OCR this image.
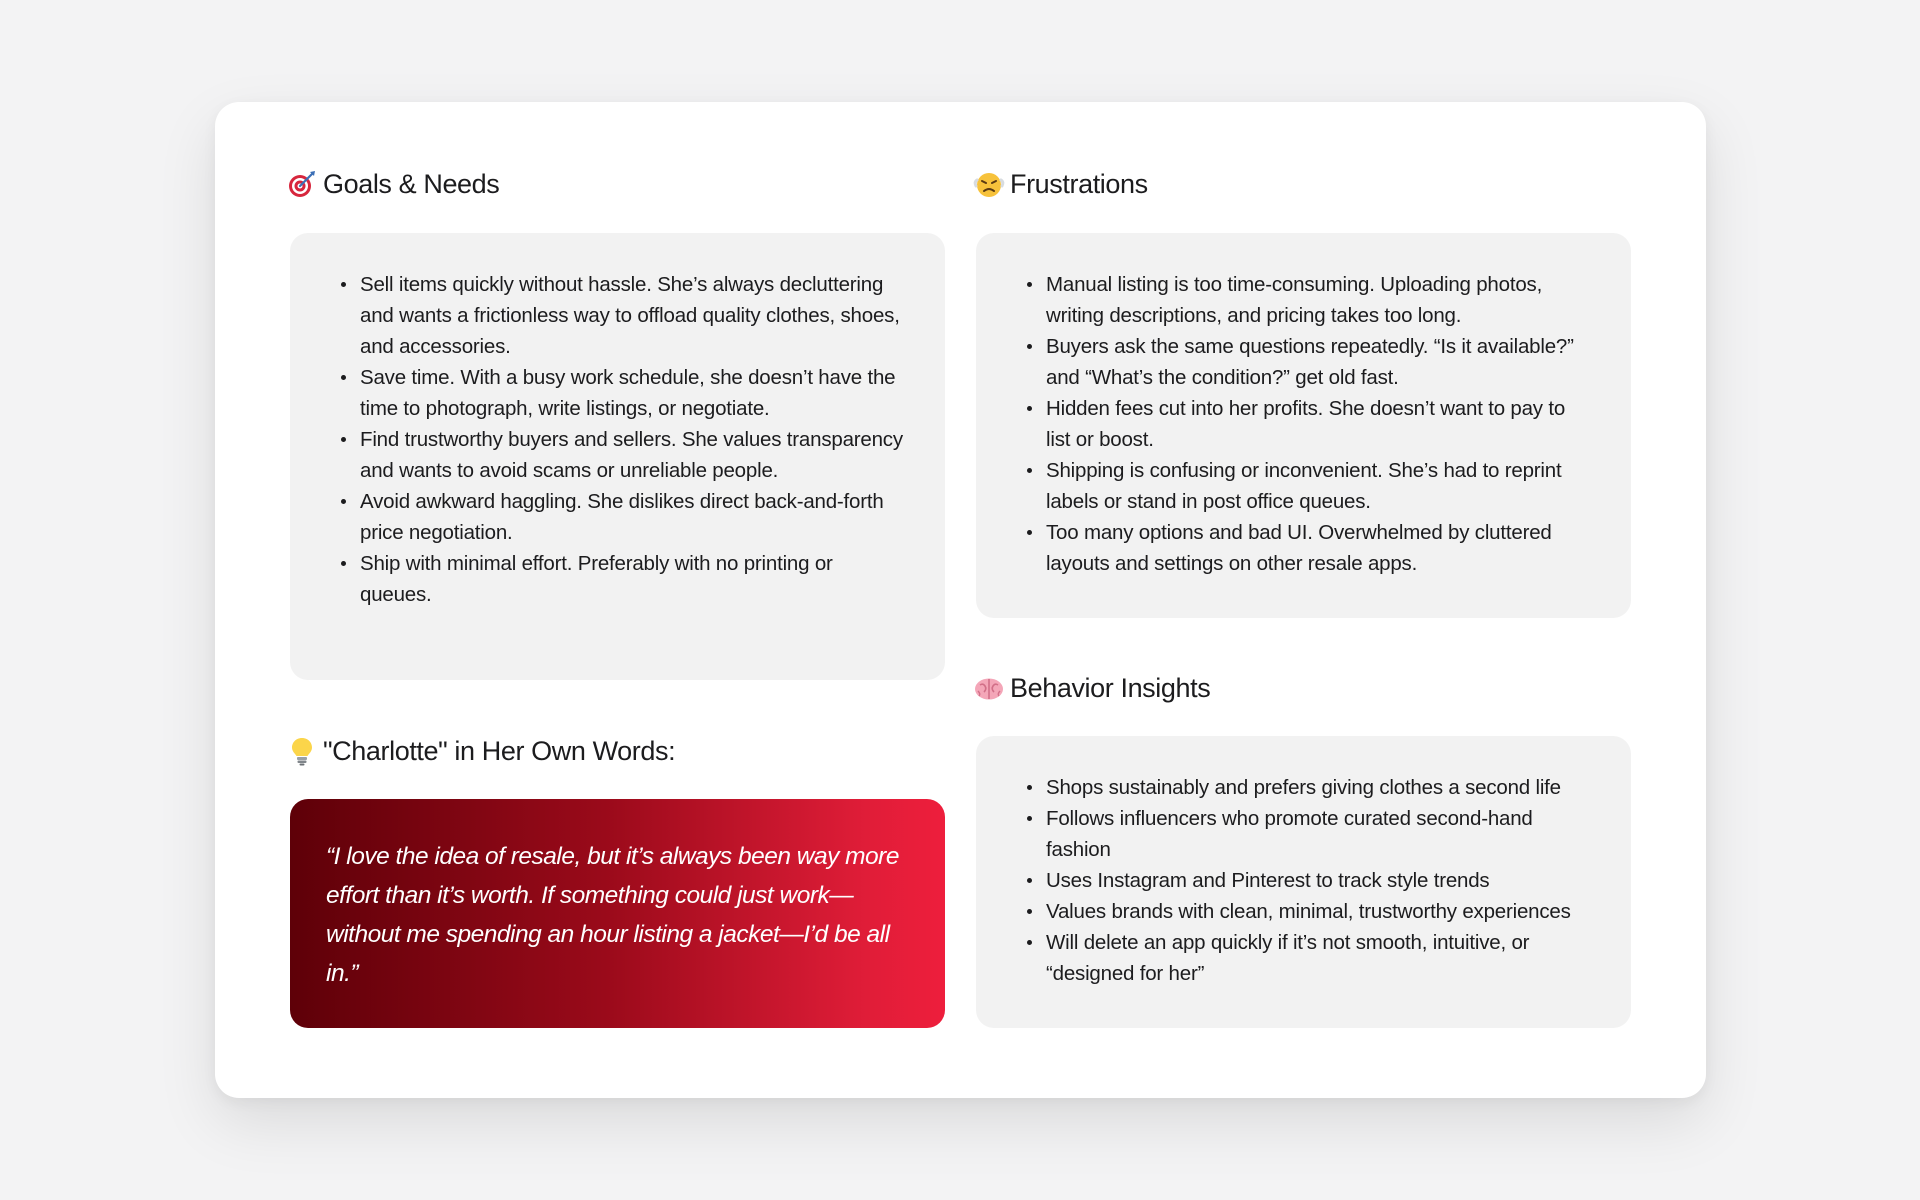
Goals & Needs
Sell items quickly without hassle. She’s always decluttering and wants a frictionless way to offload quality clothes, shoes, and accessories.
Save time. With a busy work schedule, she doesn’t have the time to photograph, write listings, or negotiate.
Find trustworthy buyers and sellers. She values transparency and wants to avoid scams or unreliable people.
Avoid awkward haggling. She dislikes direct back-and-forth price negotiation.
Ship with minimal effort. Preferably with no printing or queues.
Frustrations
Manual listing is too time-consuming. Uploading photos, writing descriptions, and pricing takes too long.
Buyers ask the same questions repeatedly. “Is it available?” and “What’s the condition?” get old fast.
Hidden fees cut into her profits. She doesn’t want to pay to list or boost.
Shipping is confusing or inconvenient. She’s had to reprint labels or stand in post office queues.
Too many options and bad UI. Overwhelmed by cluttered layouts and settings on other resale apps.
"Charlotte" in Her Own Words:

“I love the idea of resale, but it’s always been way more effort than it’s worth. If something could just work—without me spending an hour listing a jacket—I’d be all in.”

Behavior Insights
Shops sustainably and prefers giving clothes a second life
Follows influencers who promote curated second-hand fashion
Uses Instagram and Pinterest to track style trends
Values brands with clean, minimal, trustworthy experiences
Will delete an app quickly if it’s not smooth, intuitive, or “designed for her”
